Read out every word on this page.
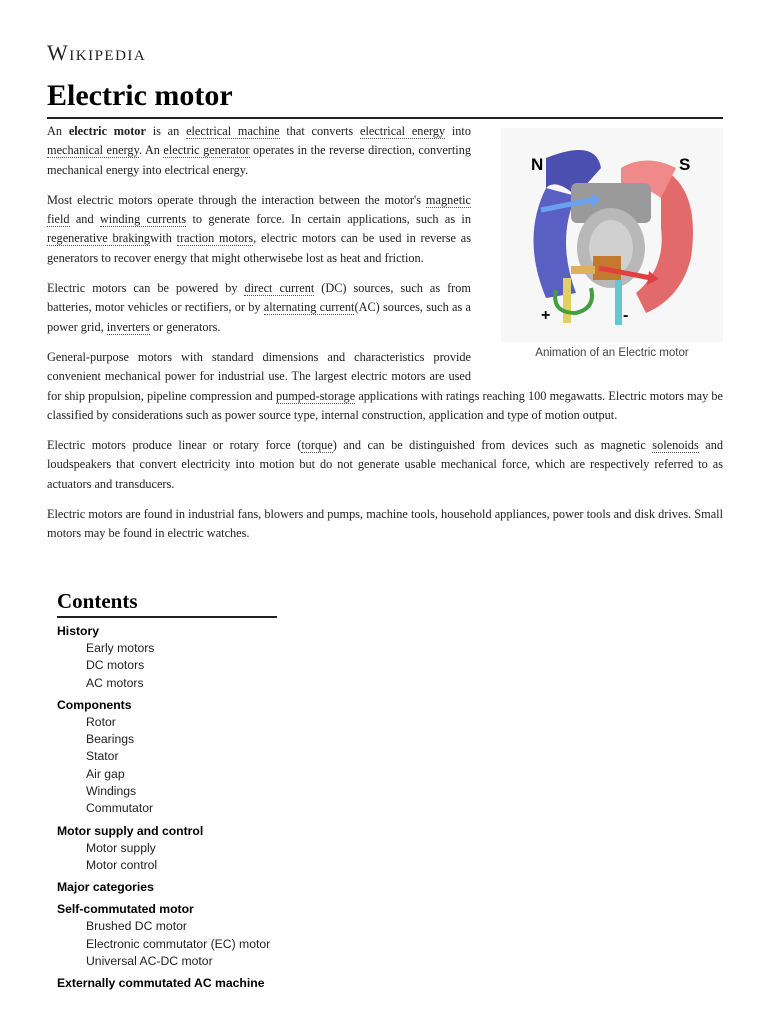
Wikipedia
Electric motor
N	S
+	-
Animation of an Electric motor

An electric motor is an electrical machine that converts electrical energy into mechanical energy. An electric generator operates in the reverse direction, converting mechanical energy into electrical energy.

Most electric motors operate through the interaction between the motor's magnetic field and winding currents to generate force. In certain applications, such as in regenerative brakingwith traction motors, electric motors can be used in reverse as generators to recover energy that might otherwisebe lost as heat and friction.

Electric motors can be powered by direct current (DC) sources, such as from batteries, motor vehicles or rectifiers, or by alternating current(AC) sources, such as a power grid, inverters or generators.

General-purpose motors with standard dimensions and characteristics provide convenient mechanical power for industrial use. The largest electric motors are used for ship propulsion, pipeline compression and pumped-storage applications with ratings reaching 100 megawatts. Electric motors may be classified by considerations such as power source type, internal construction, application and type of motion output.

Electric motors produce linear or rotary force (torque) and can be distinguished from devices such as magnetic solenoids and loudspeakers that convert electricity into motion but do not generate usable mechanical force, which are respectively referred to as actuators and transducers.

Electric motors are found in industrial fans, blowers and pumps, machine tools, household appliances, power tools and disk drives. Small motors may be found in electric watches.

Contents
History
Early motors
DC motors
AC motors
Components
Rotor
Bearings
Stator
Air gap
Windings
Commutator
Motor supply and control
Motor supply
Motor control
Major categories
Self-commutated motor
Brushed DC motor
Electronic commutator (EC) motor
Universal AC-DC motor
Externally commutated AC machine
